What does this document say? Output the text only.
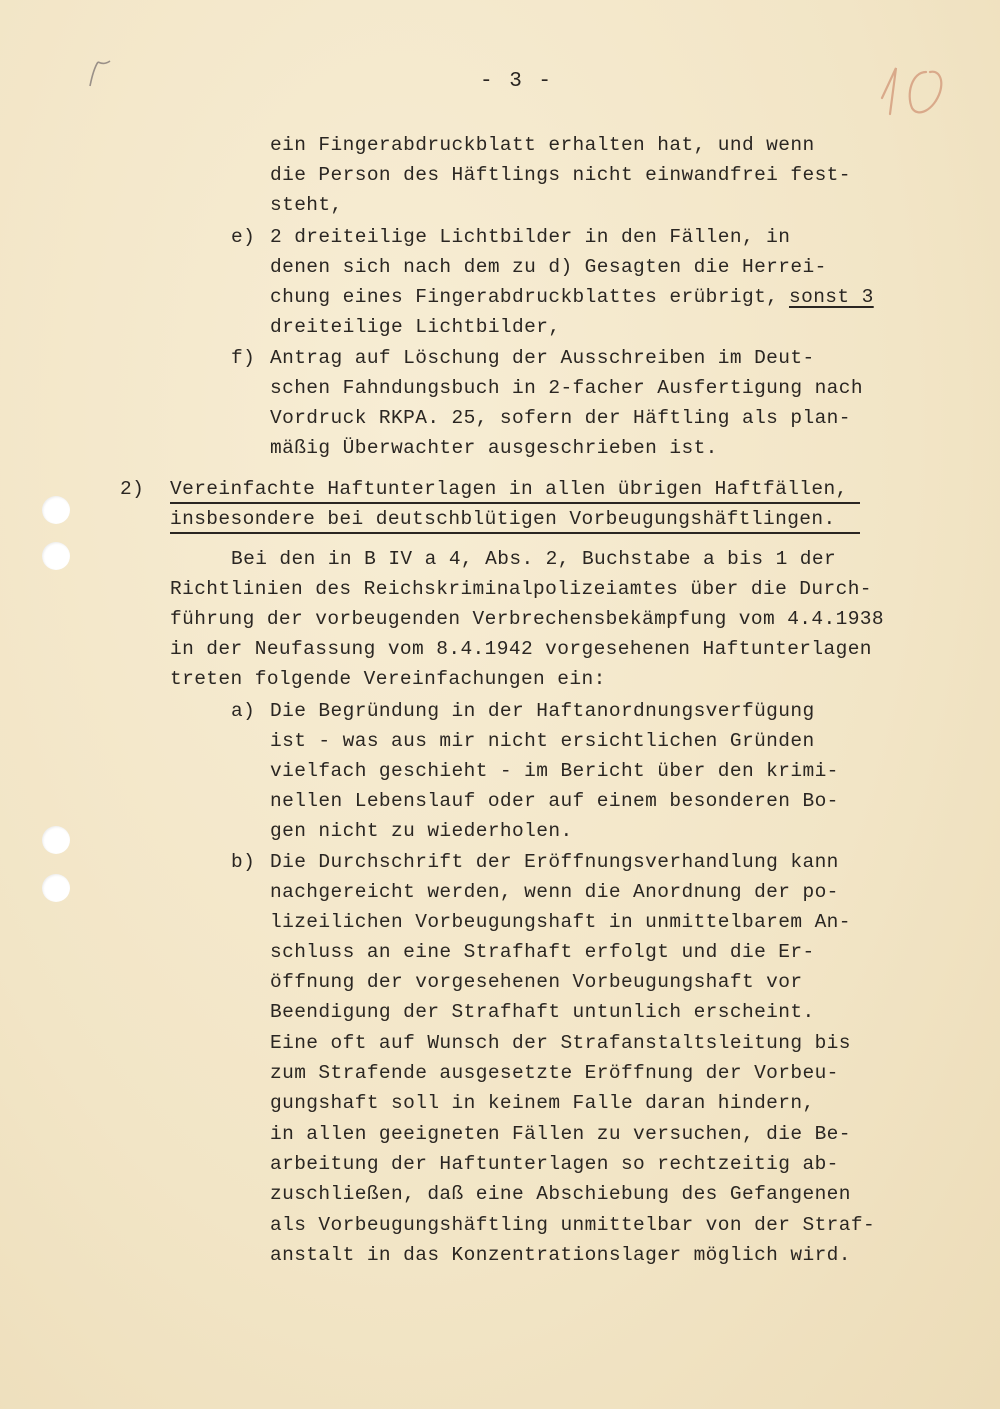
- 3 -
ein Fingerabdruckblatt erhalten hat, und wenn
die Person des Häftlings nicht einwandfrei fest-
steht,
e) 2 dreiteilige Lichtbilder in den Fällen, in
denen sich nach dem zu d) Gesagten die Herrei-
chung eines Fingerabdruckblattes erübrigt, sonst 3
dreiteilige Lichtbilder,
f) Antrag auf Löschung der Ausschreiben im Deut-
schen Fahndungsbuch in 2-facher Ausfertigung nach
Vordruck RKPA. 25, sofern der Häftling als plan-
mäßig Überwachter ausgeschrieben ist.
2) Vereinfachte Haftunterlagen in allen übrigen Haftfällen,
insbesondere bei deutschblütigen Vorbeugungshäftlingen.
Bei den in B IV a 4, Abs. 2, Buchstabe a bis 1 der
Richtlinien des Reichskriminalpolizeiamtes über die Durch-
führung der vorbeugenden Verbrechensbekämpfung vom 4.4.1938
in der Neufassung vom 8.4.1942 vorgesehenen Haftunterlagen
treten folgende Vereinfachungen ein:
a) Die Begründung in der Haftanordnungsverfügung
ist - was aus mir nicht ersichtlichen Gründen
vielfach geschieht - im Bericht über den krimi-
nellen Lebenslauf oder auf einem besonderen Bo-
gen nicht zu wiederholen.
b) Die Durchschrift der Eröffnungsverhandlung kann
nachgereicht werden, wenn die Anordnung der po-
lizeilichen Vorbeugungshaft in unmittelbarem An-
schluss an eine Strafhaft erfolgt und die Er-
öffnung der vorgesehenen Vorbeugungshaft vor
Beendigung der Strafhaft untunlich erscheint.
Eine oft auf Wunsch der Strafanstaltsleitung bis
zum Strafende ausgesetzte Eröffnung der Vorbeu-
gungshaft soll in keinem Falle daran hindern,
in allen geeigneten Fällen zu versuchen, die Be-
arbeitung der Haftunterlagen so rechtzeitig ab-
zuschließen, daß eine Abschiebung des Gefangenen
als Vorbeugungshäftling unmittelbar von der Straf-
anstalt in das Konzentrationslager möglich wird.
